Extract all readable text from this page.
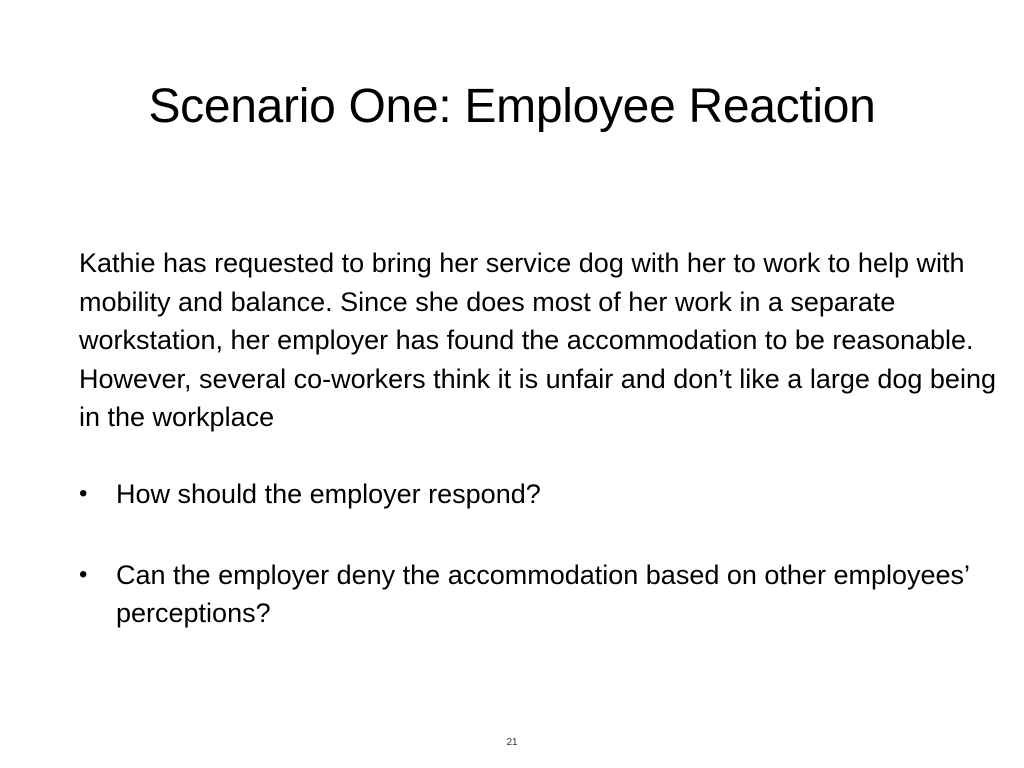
Scenario One: Employee Reaction

Kathie has requested to bring her service dog with her to work to help with mobility and balance. Since she does most of her work in a separate workstation, her employer has found the accommodation to be reasonable. However, several co-workers think it is unfair and don’t like a large dog being in the workplace

• How should the employer respond?
• Can the employer deny the accommodation based on other employees’ perceptions?
21
